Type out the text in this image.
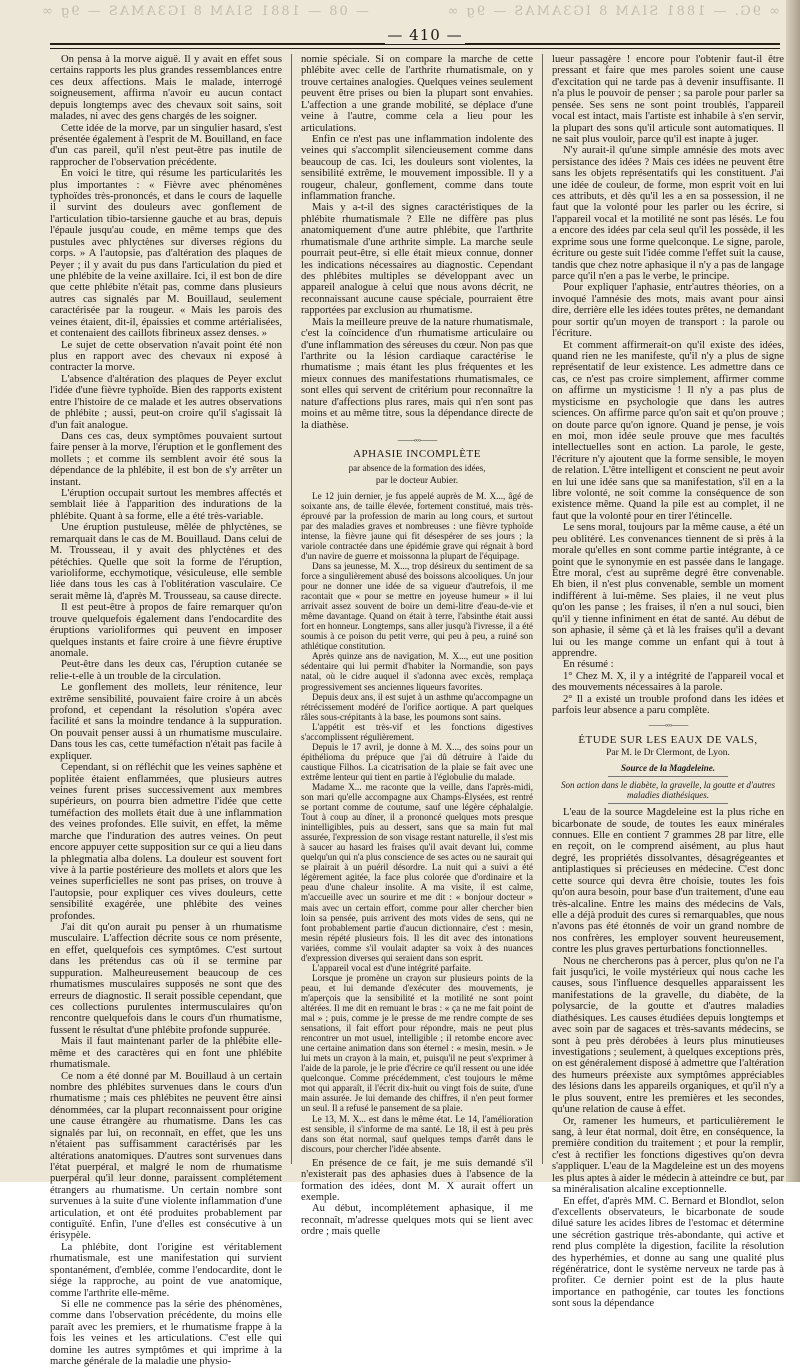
∞ 9G. — 1881 SIAM 8 IGЗAMAS — 9g ∞
— 08 — 1881 SIAM 8 IGЗAMAS — 9g ∞
— 410 —

On pensa à la morve aiguë. Il y avait en effet sous certains rapports les plus grandes ressemblances entre ces deux affections. Mais le malade, interrogé soigneusement, affirma n'avoir eu aucun contact depuis longtemps avec des chevaux soit sains, soit malades, ni avec des gens chargés de les soigner.

Cette idée de la morve, par un singulier hasard, s'est présentée également à l'esprit de M. Bouilland, en face d'un cas pareil, qu'il n'est peut-être pas inutile de rapprocher de l'observation précédente.

En voici le titre, qui résume les particularités les plus importantes : « Fièvre avec phénomènes typhoïdes très-prononcés, et dans le cours de laquelle il survint des douleurs avec gonflement de l'articulation tibio-tarsienne gauche et au bras, depuis l'épaule jusqu'au coude, en même temps que des pustules avec phlyctènes sur diverses régions du corps. » A l'autopsie, pas d'altération des plaques de Peyer ; il y avait du pus dans l'articulation du pied et une phlébite de la veine axillaire. Ici, il est bon de dire que cette phlébite n'était pas, comme dans plusieurs autres cas signalés par M. Bouillaud, seulement caractérisée par la rougeur. « Mais les parois des veines étaient, dit-il, épaissies et comme artérialisées, et contenaient des caillots fibrineux assez denses. »

Le sujet de cette observation n'avait point été non plus en rapport avec des chevaux ni exposé à contracter la morve.

L'absence d'altération des plaques de Peyer exclut l'idée d'une fièvre typhoïde. Bien des rapports existent entre l'histoire de ce malade et les autres observations de phlébite ; aussi, peut-on croire qu'il s'agissait là d'un fait analogue.

Dans ces cas, deux symptômes pouvaient surtout faire penser à la morve, l'éruption et le gonflement des mollets ; et comme ils semblent avoir été sous la dépendance de la phlébite, il est bon de s'y arrêter un instant.

L'éruption occupait surtout les membres affectés et semblait liée à l'apparition des indurations de la phlébite. Quant à sa forme, elle a été très-variable.

Une éruption pustuleuse, mêlée de phlyctènes, se remarquait dans le cas de M. Bouillaud. Dans celui de M. Trousseau, il y avait des phlyctènes et des pétéchies. Quelle que soit la forme de l'éruption, varioliforme, ecchymotique, vésiculeuse, elle semble liée dans tous les cas à l'oblitération vasculaire. Ce serait même là, d'après M. Trousseau, sa cause directe.

Il est peut-être à propos de faire remarquer qu'on trouve quelquefois également dans l'endocardite des éruptions varioliformes qui peuvent en imposer quelques instants et faire croire à une fièvre éruptive anomale.

Peut-être dans les deux cas, l'éruption cutanée se relie-t-elle à un trouble de la circulation.

Le gonflement des mollets, leur rénitence, leur extrême sensibilité, pouvaient faire croire à un abcès profond, et cependant la résolution s'opéra avec facilité et sans la moindre tendance à la suppuration. On pouvait penser aussi à un rhumatisme musculaire. Dans tous les cas, cette tuméfaction n'était pas facile à expliquer.

Cependant, si on réfléchit que les veines saphène et poplitée étaient enflammées, que plusieurs autres veines furent prises successivement aux membres supérieurs, on pourra bien admettre l'idée que cette tuméfaction des mollets était due à une inflammation des veines profondes. Elle suivit, en effet, la même marche que l'induration des autres veines. On peut encore appuyer cette supposition sur ce qui a lieu dans la phlegmatia alba dolens. La douleur est souvent fort vive à la partie postérieure des mollets et alors que les veines superficielles ne sont pas prises, on trouve à l'autopsie, pour expliquer ces vives douleurs, cette sensibilité exagérée, une phlébite des veines profondes.

J'ai dit qu'on aurait pu penser à un rhumatisme musculaire. L'affection décrite sous ce nom présente, en effet, quelquefois ces symptômes. C'est surtout dans les prétendus cas où il se termine par suppuration. Malheureusement beaucoup de ces rhumatismes musculaires supposés ne sont que des erreurs de diagnostic. Il serait possible cependant, que ces collections purulentes intermusculaires qu'on rencontre quelquefois dans le cours d'un rhumatisme, fussent le résultat d'une phlébite profonde suppurée.

Mais il faut maintenant parler de la phlébite elle-même et des caractères qui en font une phlébite rhumatismale.

Ce nom a été donné par M. Bouillaud à un certain nombre des phlébites survenues dans le cours d'un rhumatisme ; mais ces phlébites ne peuvent être ainsi dénommées, car la plupart reconnaissent pour origine une cause étrangère au rhumatisme. Dans les cas signalés par lui, on reconnaît, en effet, que les uns n'étaient pas suffisamment caractérisés par les altérations anatomiques. D'autres sont survenues dans l'état puerpéral, et malgré le nom de rhumatisme puerpéral qu'il leur donne, paraissent complétement étrangers au rhumatisme. Un certain nombre sont survenues à la suite d'une violente inflammation d'une articulation, et ont été produites probablement par contiguïté. Enfin, l'une d'elles est consécutive à un érisypèle.

La phlébite, dont l'origine est véritablement rhumatismale, est une manifestation qui survient spontanément, d'emblée, comme l'endocardite, dont le siége la rapproche, au point de vue anatomique, comme l'arthrite elle-même.

Si elle ne commence pas la série des phénomènes, comme dans l'observation précédente, du moins elle paraît avec les premiers, et le rhumatisme frappe à la fois les veines et les articulations. C'est elle qui domine les autres symptômes et qui imprime à la marche générale de la maladie une physio-

nomie spéciale. Si on compare la marche de cette phlébite avec celle de l'arthrite rhumatismale, on y trouve certaines analogies. Quelques veines seulement peuvent être prises ou bien la plupart sont envahies. L'affection a une grande mobilité, se déplace d'une veine à l'autre, comme cela a lieu pour les articulations.

Enfin ce n'est pas une inflammation indolente des veines qui s'accomplit silencieusement comme dans beaucoup de cas. Ici, les douleurs sont violentes, la sensibilité extrême, le mouvement impossible. Il y a rougeur, chaleur, gonflement, comme dans toute inflammation franche.

Mais y a-t-il des signes caractéristiques de la phlébite rhumatismale ? Elle ne diffère pas plus anatomiquement d'une autre phlébite, que l'arthrite rhumatismale d'une arthrite simple. La marche seule pourrait peut-être, si elle était mieux connue, donner les indications nécessaires au diagnostic. Cependant des phlébites multiples se développant avec un appareil analogue à celui que nous avons décrit, ne reconnaissant aucune cause spéciale, pourraient être rapportées par exclusion au rhumatisme.

Mais la meilleure preuve de la nature rhumatismale, c'est la coïncidence d'un rhumatisme articulaire ou d'une inflammation des séreuses du cœur. Non pas que l'arthrite ou la lésion cardiaque caractérise le rhumatisme ; mais étant les plus fréquentes et les mieux connues des manifestations rhumatismales, ce sont elles qui servent de critérium pour reconnaître la nature d'affections plus rares, mais qui n'en sont pas moins et au même titre, sous la dépendance directe de la diathèse.

——◦◦◦——
APHASIE INCOMPLÈTE
par absence de la formation des idées,
par le docteur Aubier.

Le 12 juin dernier, je fus appelé auprès de M. X..., âgé de soixante ans, de taille élevée, fortement constitué, mais très-éprouvé par la profession de marin au long cours, et surtout par des maladies graves et nombreuses : une fièvre typhoïde intense, la fièvre jaune qui fit désespérer de ses jours ; la variole contractée dans une épidémie grave qui régnait à bord d'un navire de guerre et moissonna la plupart de l'équipage.

Dans sa jeunesse, M. X..., trop désireux du sentiment de sa force a singulièrement abusé des boissons alcooliques. Un jour pour ne donner une idée de sa vigueur d'autrefois, il me racontait que « pour se mettre en joyeuse humeur » il lui arrivait assez souvent de boire un demi-litre d'eau-de-vie et même davantage. Quand on était à terre, l'absinthe était aussi fort en honneur. Longtemps, sans aller jusqu'à l'ivresse, il a été soumis à ce poison du petit verre, qui peu à peu, a ruiné son athlétique constitution.

Après quinze ans de navigation, M. X..., eut une position sédentaire qui lui permit d'habiter la Normandie, son pays natal, où le cidre auquel il s'adonna avec excès, remplaça progressivement ses anciennes liqueurs favorites.

Depuis deux ans, il est sujet à un asthme qu'accompagne un rétrécissement modéré de l'orifice aortique. A part quelques râles sous-crépitants à la base, les poumons sont sains.

L'appétit est très-vif et les fonctions digestives s'accomplissent régulièrement.

Depuis le 17 avril, je donne à M. X..., des soins pour un épithélioma du prépuce que j'ai dû détruire à l'aide du caustique Filhos. La cicatrisation de la plaie se fait avec une extrême lenteur qui tient en partie à l'églobulie du malade.

Madame X... me raconte que la veille, dans l'après-midi, son mari qu'elle accompagne aux Champs-Élysées, est rentré se portant comme de coutume, sauf une légère céphalalgie. Tout à coup au dîner, il a prononcé quelques mots presque inintelligibles, puis au dessert, sans que sa main fut mal assurée, l'expression de son visage restant naturelle, il s'est mis à saucer au hasard les fraises qu'il avait devant lui, comme quelqu'un qui n'a plus conscience de ses actes ou ne saurait qui se plairait à un puéril désordre. La nuit qui a suivi a été légèrement agitée, la face plus colorée que d'ordinaire et la peau d'une chaleur insolite. A ma visite, il est calme, m'accueille avec un sourire et me dit : « bonjour docteur » mais avec un certain effort, comme pour aller chercher bien loin sa pensée, puis arrivent des mots vides de sens, qui ne font probablement partie d'aucun dictionnaire, c'est : mesin, mesin répété plusieurs fois. Il les dit avec des intonations variées, comme s'il voulait adapter sa voix à des nuances d'expression diverses qui seraient dans son esprit.

L'appareil vocal est d'une intégrité parfaite.

Lorsque je promène un crayon sur plusieurs points de la peau, et lui demande d'exécuter des mouvements, je m'aperçois que la sensibilité et la motilité ne sont point altérées. Il me dit en remuant le bras : « ça ne me fait point de mal » ; puis, comme je le presse de me rendre compte de ses sensations, il fait effort pour répondre, mais ne peut plus rencontrer un mot usuel, intelligible ; il retombe encore avec une certaine animation dans son éternel : « mesin, mesin. » Je lui mets un crayon à la main, et, puisqu'il ne peut s'exprimer à l'aide de la parole, je le prie d'écrire ce qu'il ressent ou une idée quelconque. Comme précédemment, c'est toujours le même mot qui apparaît, il l'écrit dix-huit ou vingt fois de suite, d'une main assurée. Je lui demande des chiffres, il n'en peut former un seul. Il a refusé le pansement de sa plaie.

Le 13, M. X... est dans le même état. Le 14, l'amélioration est sensible, il s'informe de ma santé. Le 18, il est à peu près dans son état normal, sauf quelques temps d'arrêt dans le discours, pour chercher l'idée absente.

En présence de ce fait, je me suis demandé s'il n'existerait pas des aphasies dues à l'absence de la formation des idées, dont M. X aurait offert un exemple.

Au début, incomplétement aphasique, il me reconnaît, m'adresse quelques mots qui se lient avec ordre ; mais quelle

lueur passagère ! encore pour l'obtenir faut-il être pressant et faire que mes paroles soient une cause d'excitation qui ne tarde pas à devenir insuffisante. Il n'a plus le pouvoir de penser ; sa parole pour parler sa pensée. Ses sens ne sont point troublés, l'appareil vocal est intact, mais l'artiste est inhabile à s'en servir, la plupart des sons qu'il articule sont automatiques. Il ne sait plus vouloir, parce qu'il est inapte à juger.

N'y aurait-il qu'une simple amnésie des mots avec persistance des idées ? Mais ces idées ne peuvent être sans les objets représentatifs qui les constituent. J'ai une idée de couleur, de forme, mon esprit voit en lui ces attributs, et dès qu'il les a en sa possession, il ne faut que la volonté pour les parler ou les écrire, si l'appareil vocal et la motilité ne sont pas lésés. Le fou a encore des idées par cela seul qu'il les possède, il les exprime sous une forme quelconque. Le signe, parole, écriture ou geste suit l'idée comme l'effet suit la cause, tandis que chez notre aphasique il n'y a pas de langage parce qu'il n'en a pas le verbe, le principe.

Pour expliquer l'aphasie, entr'autres théories, on a invoqué l'amnésie des mots, mais avant pour ainsi dire, derrière elle les idées toutes prêtes, ne demandant pour sortir qu'un moyen de transport : la parole ou l'écriture.

Et comment affirmerait-on qu'il existe des idées, quand rien ne les manifeste, qu'il n'y a plus de signe représentatif de leur existence. Les admettre dans ce cas, ce n'est pas croire simplement, affirmer comme on affirme un mysticisme ! Il n'y a pas plus de mysticisme en psychologie que dans les autres sciences. On affirme parce qu'on sait et qu'on prouve ; on doute parce qu'on ignore. Quand je pense, je vois en moi, mon idée seule prouve que mes facultés intellectuelles sont en action. La parole, le geste, l'écriture n'y ajoutent que la forme sensible, le moyen de relation. L'être intelligent et conscient ne peut avoir en lui une idée sans que sa manifestation, s'il en a la libre volonté, ne soit comme la conséquence de son existence même. Quand la pile est au complet, il ne faut que la volonté pour en tirer l'étincelle.

Le sens moral, toujours par la même cause, a été un peu oblitéré. Les convenances tiennent de si près à la morale qu'elles en sont comme partie intégrante, à ce point que le synonymie en est passée dans le langage. Être moral, c'est au suprême degré être convenable. Eh bien, il n'est plus convenable, semble un moment indifférent à lui-même. Ses plaies, il ne veut plus qu'on les panse ; les fraises, il n'en a nul souci, bien qu'il y tienne infiniment en état de santé. Au début de son aphasie, il sème çà et là les fraises qu'il a devant lui ou les mange comme un enfant qui à tout à apprendre.

En résumé :

1° Chez M. X, il y a intégrité de l'appareil vocal et des mouvements nécessaires à la parole.

2° Il a existé un trouble profond dans les idées et parfois leur absence a paru complète.

——◦◦◦——
ÉTUDE SUR LES EAUX DE VALS,
Par M. le Dr Clermont, de Lyon.
Source de la Magdeleine.
Son action dans le diabète, la gravelle, la goutte et d'autres maladies diathésiques.

L'eau de la source Magdeleine est la plus riche en bicarbonate de soude, de toutes les eaux minérales connues. Elle en contient 7 grammes 28 par litre, elle en reçoit, on le comprend aisément, au plus haut degré, les propriétés dissolvantes, désagrégeantes et antiplastiques si précieuses en médecine. C'est donc cette source qui devra être choisie, toutes les fois qu'on aura besoin, pour base d'un traitement, d'une eau très-alcaline. Entre les mains des médecins de Vals, elle a déjà produit des cures si remarquables, que nous n'avons pas été étonnés de voir un grand nombre de nos confrères, les employer souvent heureusement, contre les plus graves perturbations fonctionnelles.

Nous ne chercherons pas à percer, plus qu'on ne l'a fait jusqu'ici, le voile mystérieux qui nous cache les causes, sous l'influence desquelles apparaissent les manifestations de la gravelle, du diabète, de la polysarcie, de la goutte et d'autres maladies diathésiques. Les causes étudiées depuis longtemps et avec soin par de sagaces et très-savants médecins, se sont à peu près dérobées à leurs plus minutieuses investigations ; seulement, à quelques exceptions près, on est généralement disposé à admettre que l'altération des humeurs préexiste aux symptômes appréciables des lésions dans les appareils organiques, et qu'il n'y a le plus souvent, entre les premières et les secondes, qu'une relation de cause à effet.

Or, ramener les humeurs, et particulièrement le sang, à leur état normal, doit être, en conséquence, la première condition du traitement ; et pour la remplir, c'est à rectifier les fonctions digestives qu'on devra s'appliquer. L'eau de la Magdeleine est un des moyens les plus aptes à aider le médecin à atteindre ce but, par sa minéralisation alcaline exceptionnelle.

En effet, d'après MM. C. Bernard et Blondlot, selon d'excellents observateurs, le bicarbonate de soude dilué sature les acides libres de l'estomac et détermine une sécrétion gastrique très-abondante, qui active et rend plus complète la digestion, facilite la résolution des hyperhémies, et donne au sang une qualité plus régénératrice, dont le système nerveux ne tarde pas à profiter. Ce dernier point est de la plus haute importance en pathogénie, car toutes les fonctions sont sous la dépendance
